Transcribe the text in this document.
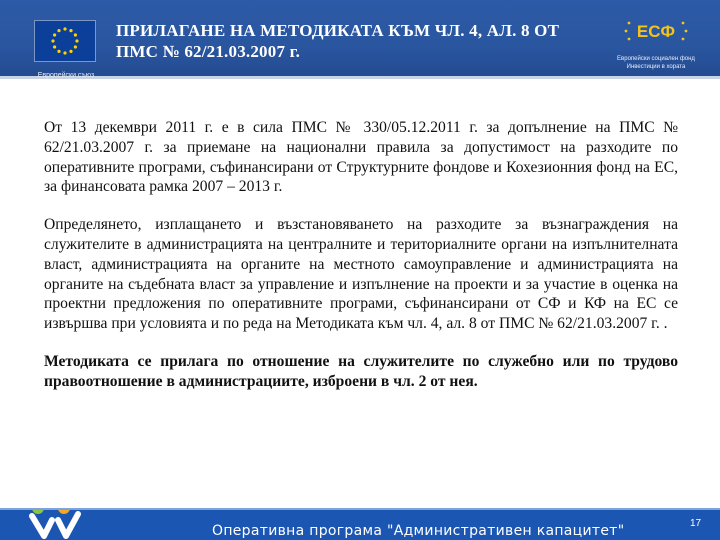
Европейски съюз
ПРИЛАГАНЕ НА МЕТОДИКАТА КЪМ ЧЛ. 4, АЛ. 8 ОТ
ПМС № 62/21.03.2007 г.
ЕСФ
Европейски социален фонд
Инвестиции в хората

От 13 декември 2011 г. е в сила ПМС № 330/05.12.2011 г. за допълнение на ПМС № 62/21.03.2007 г. за приемане на национални правила за допустимост на разходите по оперативните програми, съфинансирани от Структурните фондове и Кохезионния фонд на ЕС, за финансовата рамка 2007 – 2013 г.

Определянето, изплащането и възстановяването на разходите за възнаграждения на служителите в администрацията на централните и териториалните органи на изпълнителната власт, администрацията на органите на местното самоуправление и администрацията на органите на съдебната власт за управление и изпълнение на проекти и за участие в оценка на проектни предложения по оперативните програми, съфинансирани от СФ и КФ на ЕС се извършва при условията и по реда на Методиката към чл. 4, ал. 8 от ПМС № 62/21.03.2007 г. .

Методиката се прилага по отношение на служителите по служебно или по трудово правоотношение в администрациите, изброени в чл. 2 от нея.

Оперативна програма "Административен капацитет"	17
